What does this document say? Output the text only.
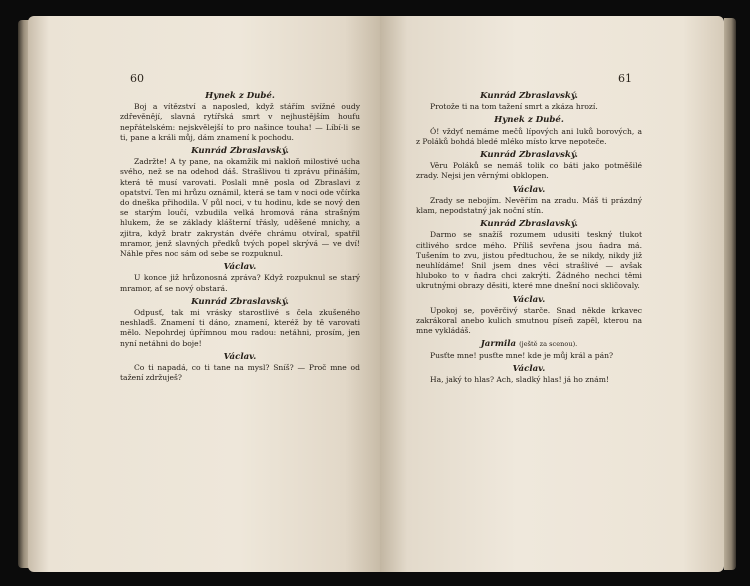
60
Hynek z Dubé.

Boj a vítězství a naposled, když stářím svížné oudy zdřevěnějí, slavná rytířská smrt v nejhustějším houfu nepřátelském: nejskvělejší to pro našince touha! — Líbí-li se ti, pane a králi můj, dám znamení k pochodu.

Kunrád Zbraslavský.

Zadržte! A ty pane, na okamžik mi nakloň milostivé ucha svého, než se na odehod dáš. Strašlivou ti zprávu přináším, která tě musí varovati. Poslali mně posla od Zbraslavi z opatství. Ten mi hrůzu oznámil, která se tam v noci ode včírka do dneška přihodila. V půl noci, v tu hodinu, kde se nový den se starým loučí, vzbudila velká hromová rána strašným hlukem, že se základy klášterní třásly, uděšené mnichy, a zjitra, když bratr zakrystán dvéře chrámu otvíral, spatřil mramor, jenž slavných předků tvých popel skrývá — ve dví! Náhle přes noc sám od sebe se rozpuknul.

Václav.

U konce již hrůzonosná zpráva? Když rozpuknul se starý mramor, ať se nový obstará.

Kunrád Zbraslavský.

Odpusť, tak mi vrásky starostlivé s čela zkušeného neshlaďš. Znamení ti dáno, znamení, kteréž by tě varovati mělo. Nepohrdej úpřímnou mou radou: netáhni, prosím, jen nyní netáhni do boje!

Václav.

Co ti napadá, co ti tane na mysl? Sníš? — Proč mne od tažení zdržuješ?

61
Kunrád Zbraslavský.

Protože ti na tom tažení smrt a zkáza hrozí.

Hynek z Dubé.

Ó! vždyť nemáme mečů lípových ani luků borových, a z Poláků bohdá bledé mléko místo krve nepoteče.

Kunrád Zbraslavský.

Věru Poláků se nemáš tolik co báti jako potměšilé zrady. Nejsi jen věrnými obklopen.

Václav.

Zrady se nebojím. Nevěřím na zradu. Máš ti prázdný klam, nepodstatný jak noční stín.

Kunrád Zbraslavský.

Darmo se snažíš rozumem udusiti teskný tlukot citlivého srdce mého. Příliš sevřena jsou ňadra má. Tušením to zvu, jistou předtuchou, že se nikdy, nikdy již neuhlídáme! Snil jsem dnes věci strašlivé — avšak hluboko to v ňadra chci zakrýti. Žádného nechci těmi ukrutnými obrazy děsiti, které mne dnešní noci skličovaly.

Václav.

Upokoj se, pověrčivý starče. Snad někde krkavec zakrákoral anebo kulich smutnou píseň zapěl, kterou na mne vykládáš.

Jarmila (ještě za scenou).

Pusťte mne! pusťte mne! kde je můj král a pán?

Václav.

Ha, jaký to hlas? Ach, sladký hlas! já ho znám!
